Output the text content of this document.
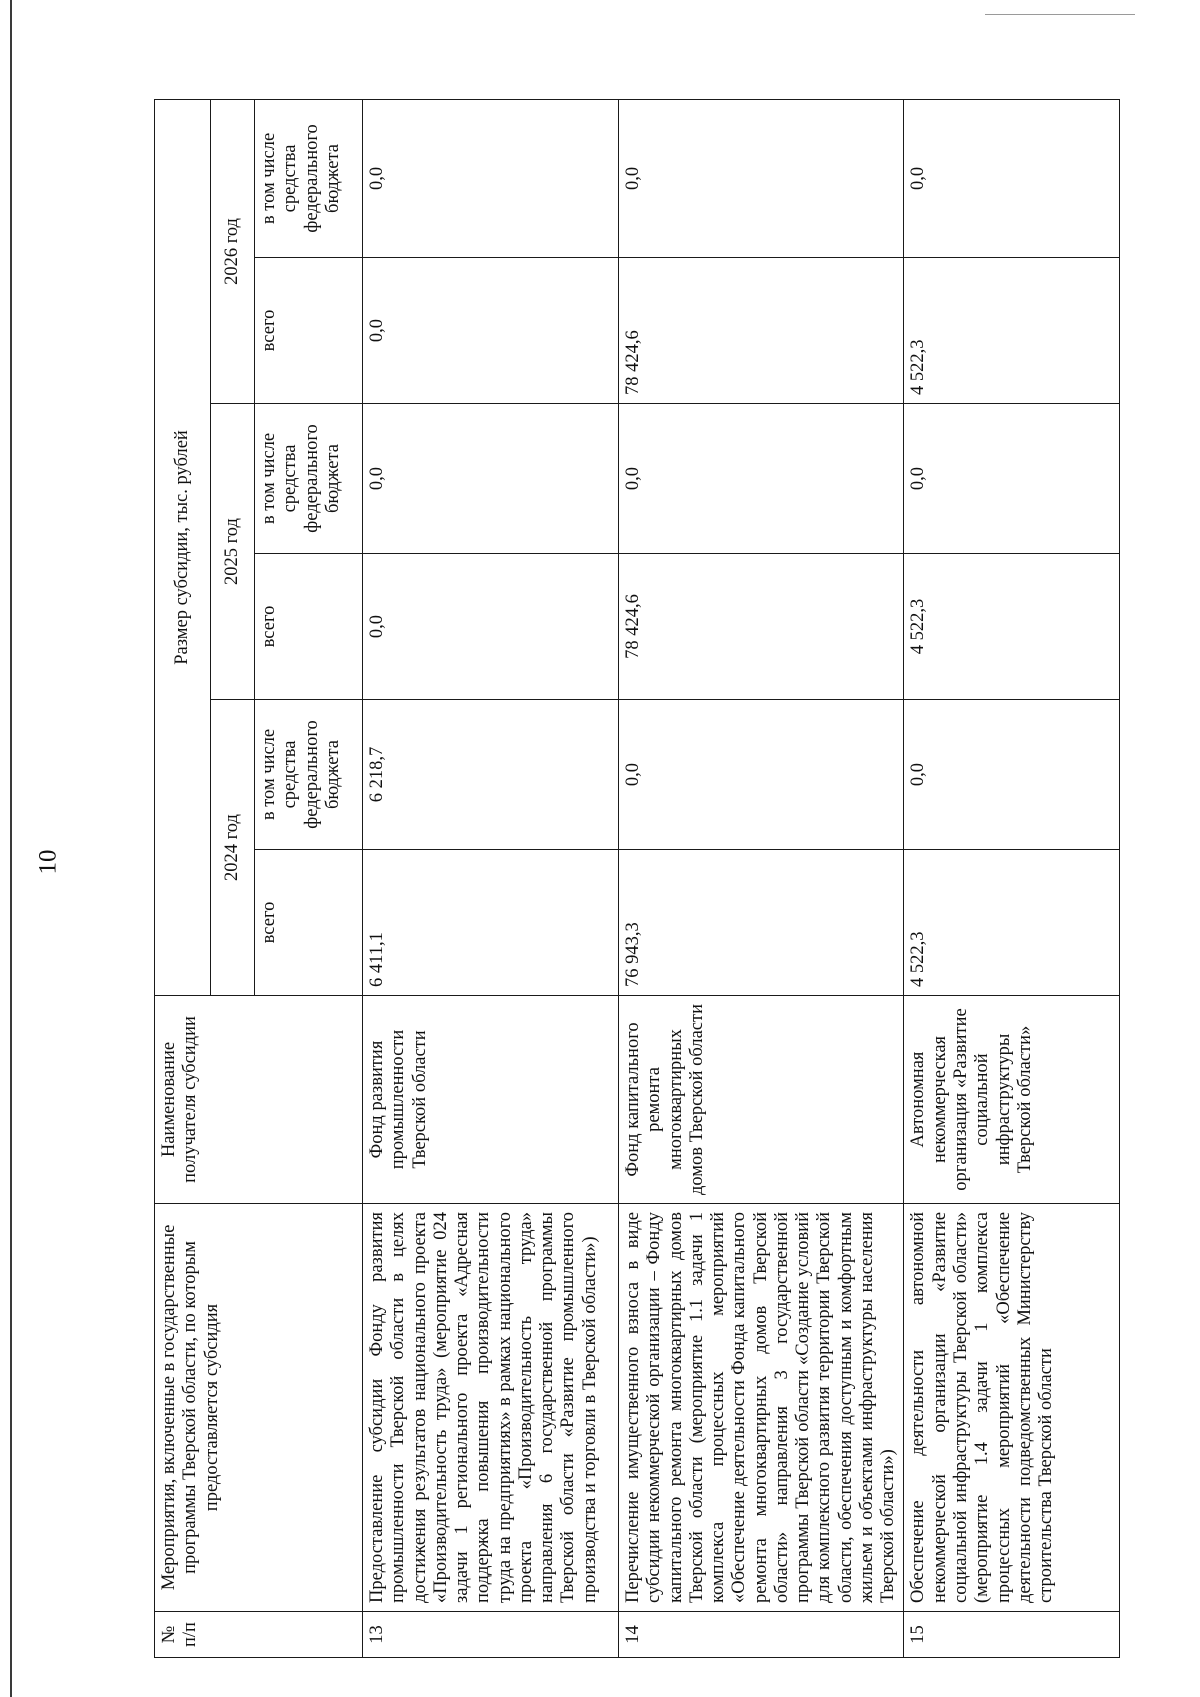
10
№ п/п	Мероприятия, включенные в государственные программы Тверской области, по которым предоставляется субсидия	Наименование получателя субсидии	Размер субсидии, тыс. рублей					
			2024 год		2025 год		2026 год	
			всего	в том числе средства федерального бюджета	всего	в том числе средства федерального бюджета	всего	в том числе средства федерального бюджета
13	Предоставление субсидии Фонду развития промышленности Тверской области в целях достижения результатов национального проекта «Производительность труда» (мероприятие 024 задачи 1 регионального проекта «Адресная поддержка повышения производительности труда на предприятиях» в рамках национального проекта «Производительность труда» направления 6 государственной программы Тверской области «Развитие промышленного производства и торговли в Тверской области»)	Фонд развития промышленности Тверской области	6 411,1	6 218,7	0,0	0,0	0,0	0,0
14	Перечисление имущественного взноса в виде субсидии некоммерческой организации – Фонду капитального ремонта многоквартирных домов Тверской области (мероприятие 1.1 задачи 1 комплекса процессных мероприятий «Обеспечение деятельности Фонда капитального ремонта многоквартирных домов Тверской области» направления 3 государственной программы Тверской области «Создание условий для комплексного развития территории Тверской области, обеспечения доступным и комфортным жильем и объектами инфраструктуры населения Тверской области»)	Фонд капитального ремонта многоквартирных домов Тверской области	76 943,3	0,0	78 424,6	0,0	78 424,6	0,0
15	Обеспечение деятельности автономной некоммерческой организации «Развитие социальной инфраструктуры Тверской области» (мероприятие 1.4 задачи 1 комплекса процессных мероприятий «Обеспечение деятельности подведомственных Министерству строительства Тверской области	Автономная некоммерческая организация «Развитие социальной инфраструктуры Тверской области»	4 522,3	0,0	4 522,3	0,0	4 522,3	0,0
